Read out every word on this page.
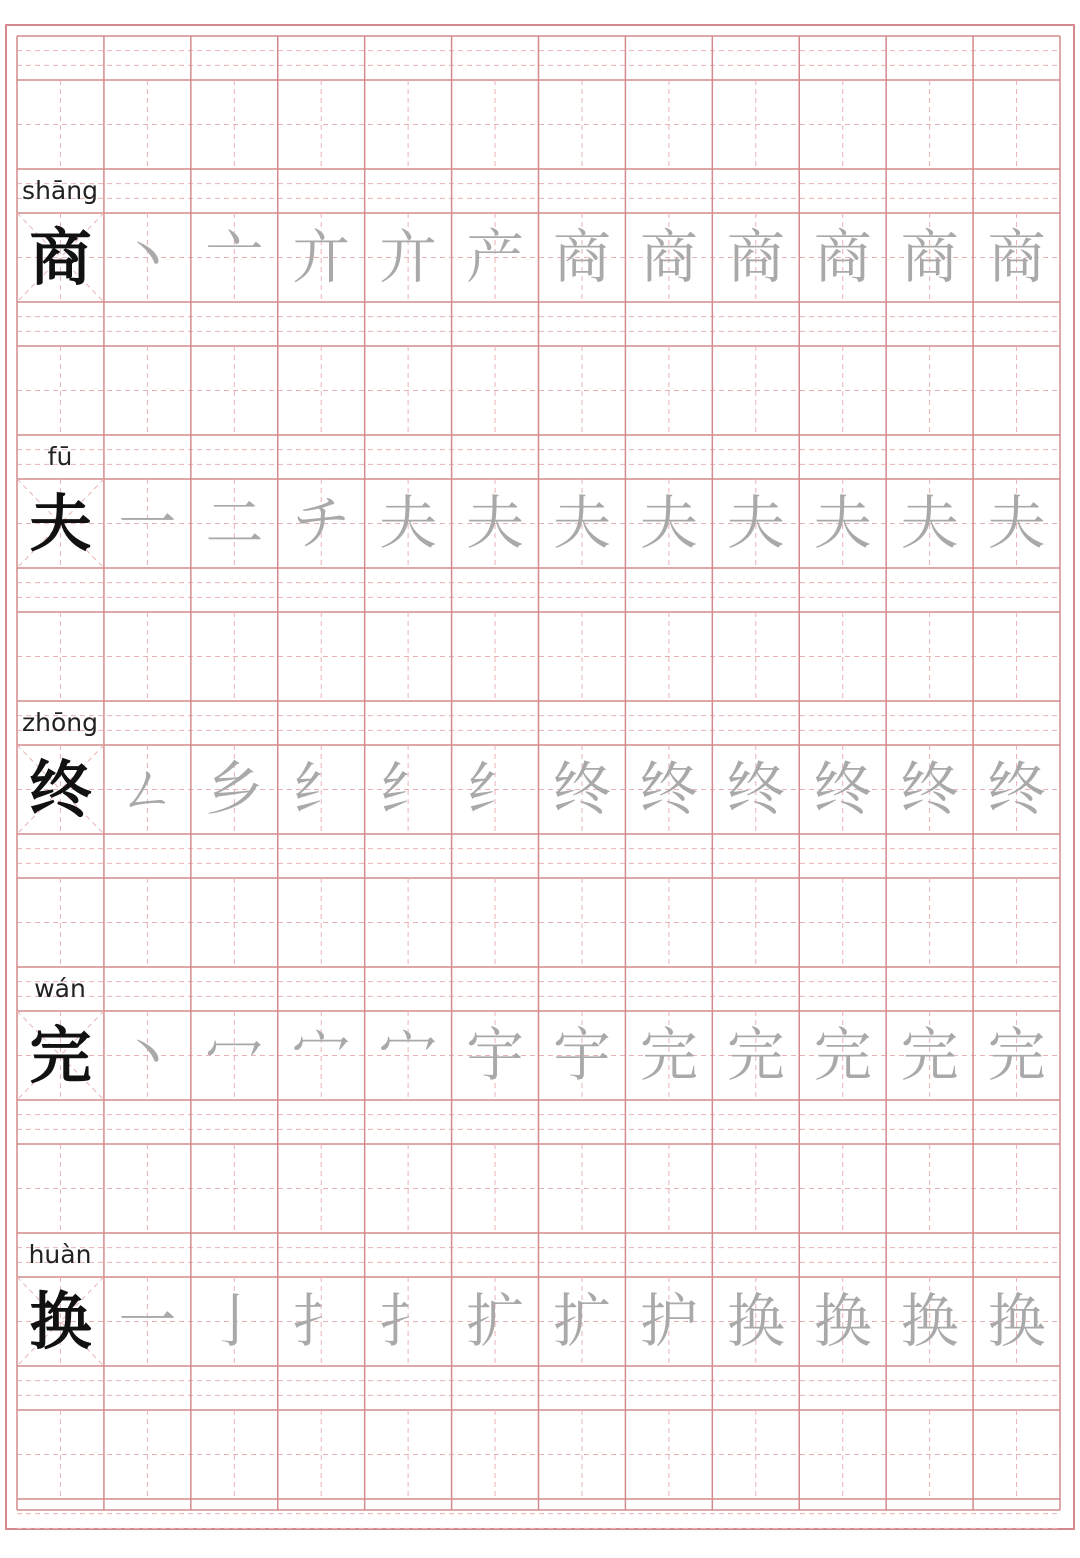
shāng
商 丶 亠 亣 亣 产 商 商 商 商 商 商
fū
夫 一 二 チ 夫 夫 夫 夫 夫 夫 夫 夫
zhōng
终 ㄥ 乡 纟 纟 纟 终 终 终 终 终 终
wán
完 丶 冖 宀 宀 宇 宇 完 完 完 完 完
huàn
换 一 亅 扌 扌 扩 扩 护 换 换 换 换
